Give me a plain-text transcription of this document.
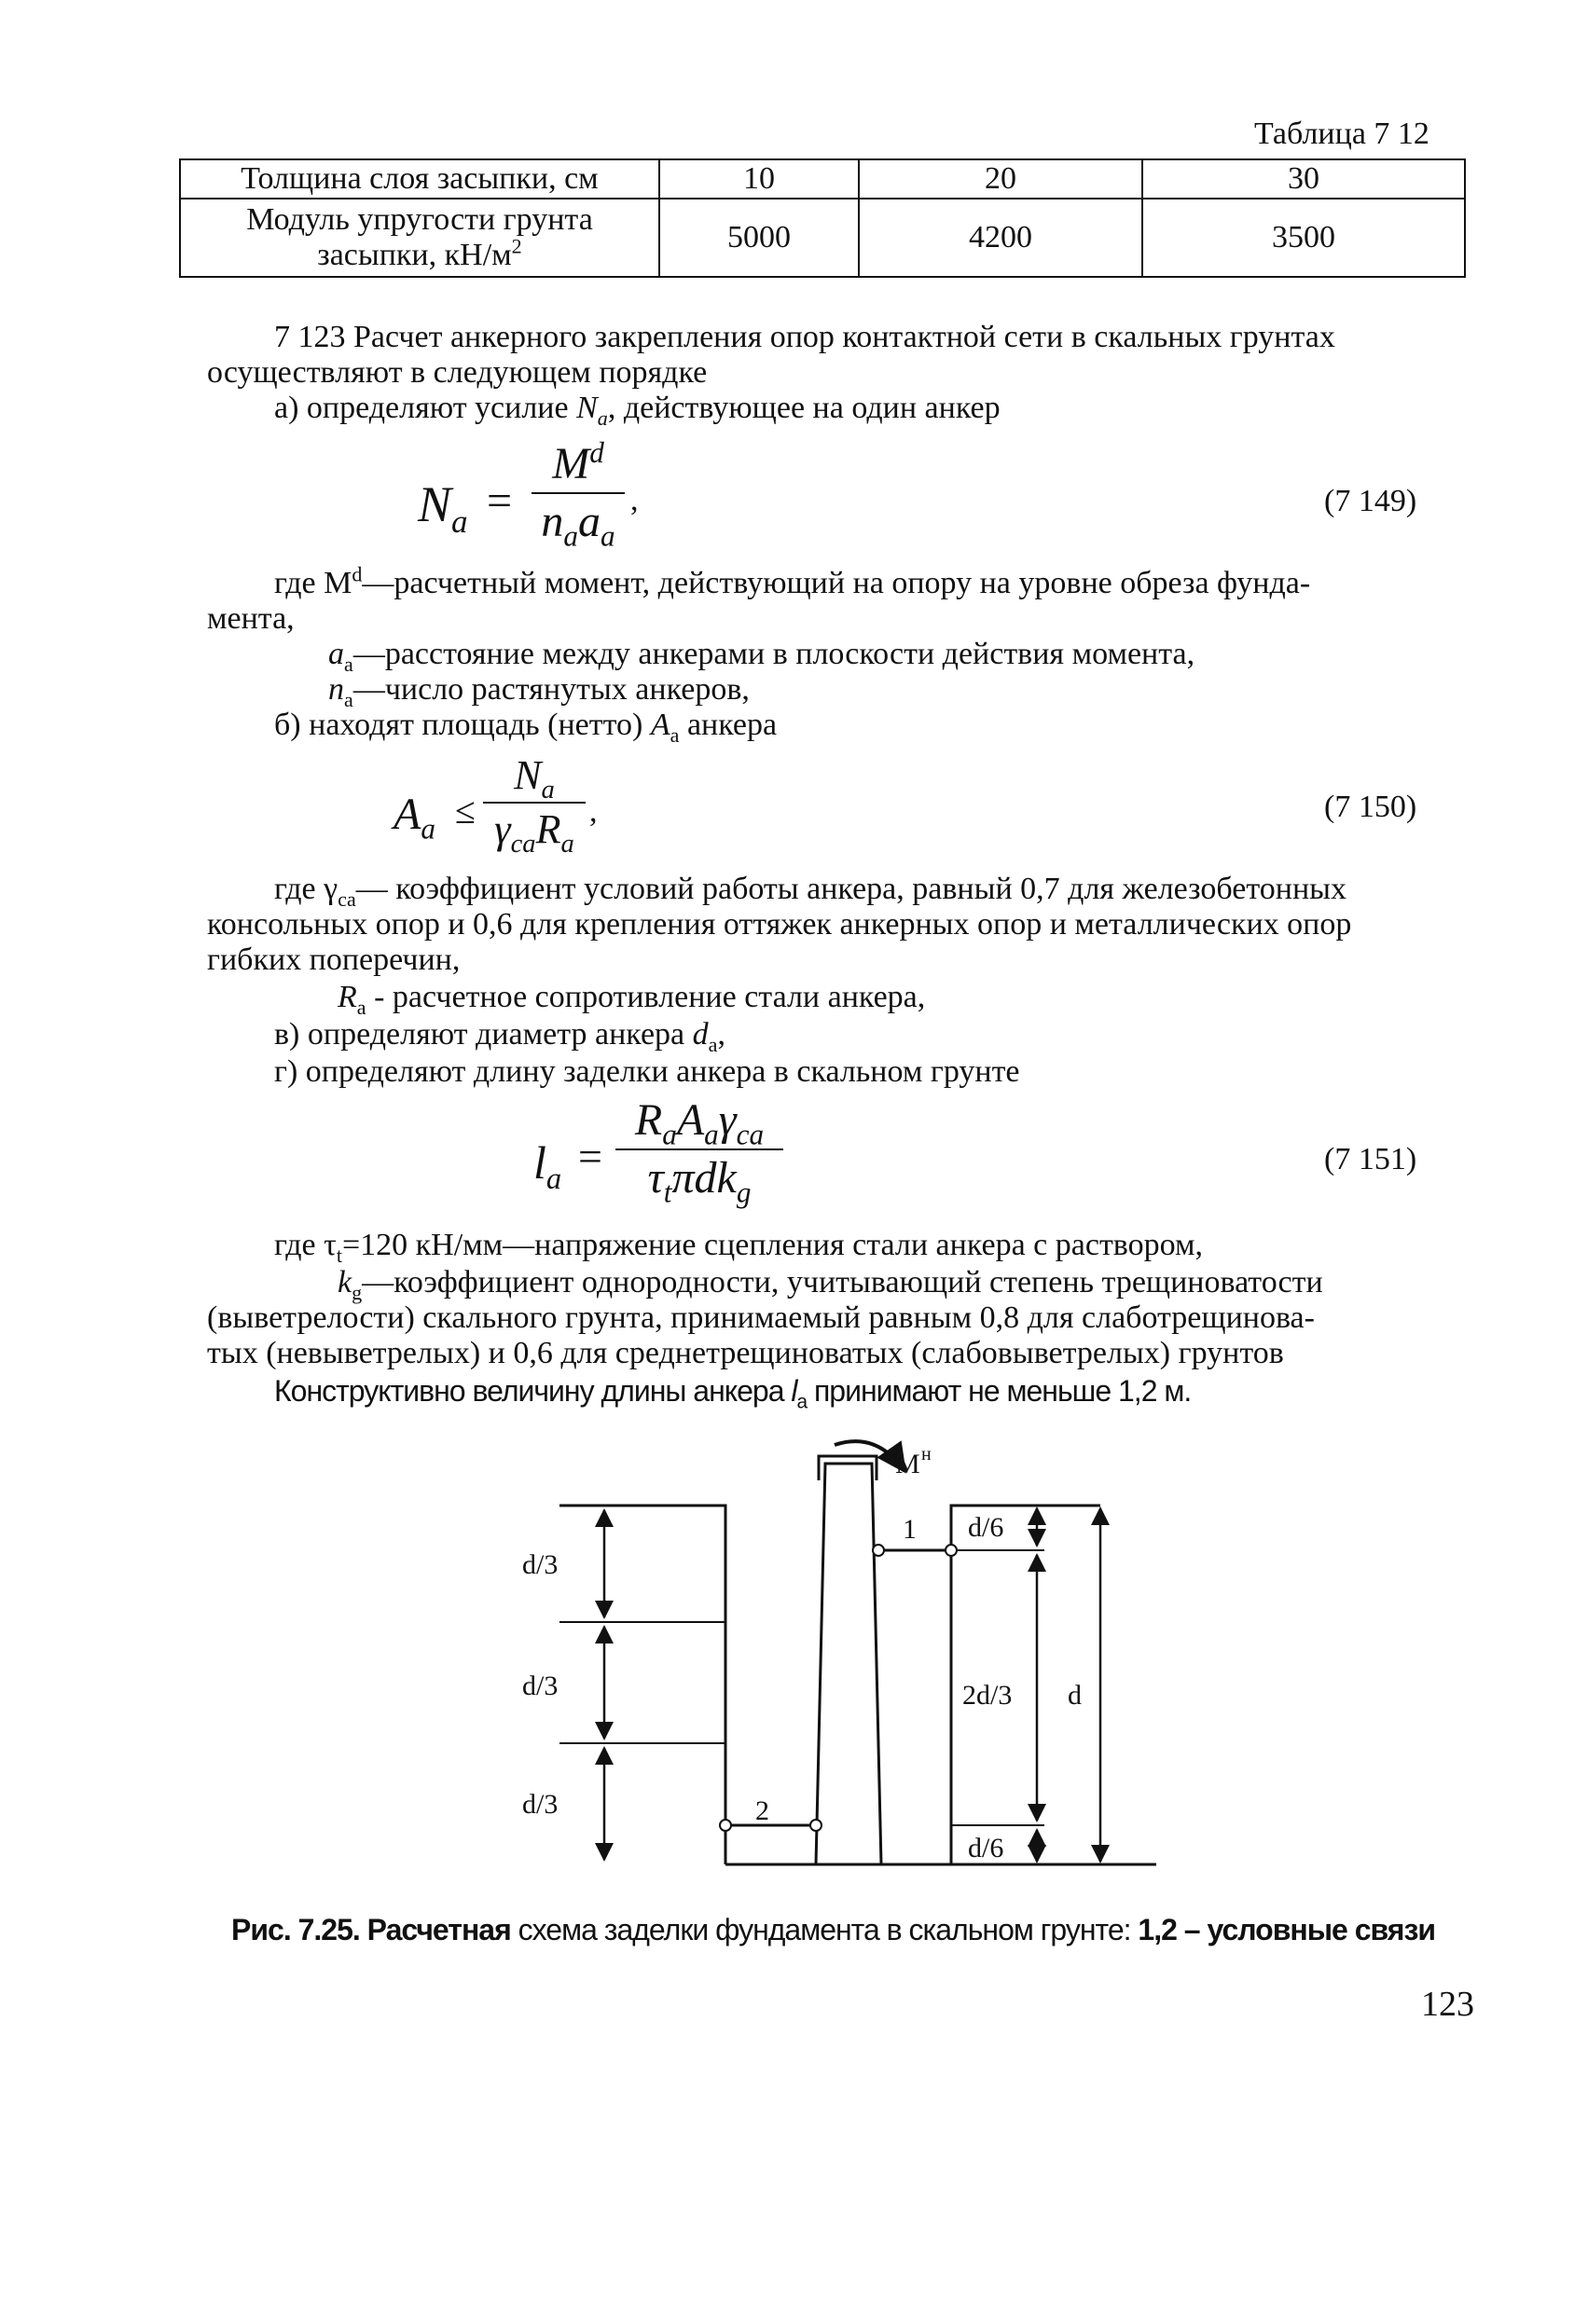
Таблица 7 12
Толщина слоя засыпки, см	10	20	30
Модуль упругости грунта
засыпки, $кН/м^2$	5000	4200	3500
7 123 Расчет анкерного закрепления опор контактной сети в скальных грунтах
осуществляют в следующем порядке
а) определяют усилие $N_a$, действующее на один анкер
$N_a$ =
$M^d$
$n_aa_a$
,	(7 149)
где $M^d—расчетный$ момент, действующий на опору на уровне обреза фунда-
мента,
$a_a—расстояние$ между анкерами в плоскости действия момента,
$n_a—число$ растянутых анкеров,
б) находят площадь (нетто) $A_a$ анкера
$A_a$ ≤
$N_a$
$\gamma_{ca}R_a$
,	(7 150)
где $\gamma_{ca}—$ коэффициент условий работы анкера, равный 0,7 для железобетонных
консольных опор и 0,6 для крепления оттяжек анкерных опор и металлических опор
гибких поперечин,
$R_a$ - расчетное сопротивление стали анкера,
в) определяют диаметр анкера $d_a$,
г) определяют длину заделки анкера в скальном грунте
$l_a$ =
$R_aA_a\gamma_{ca}$
$\tau_t\pi dk_g$
(7 151)
где $\tau_t=120$ кН/мм—напряжение сцепления стали анкера с раствором,
$k_g—коэффициент$ однородности, учитывающий степень трещиноватости
(выветрелости) скального грунта, принимаемый равным 0,8 для слаботрещинова-
тых (невыветрелых) и 0,6 для среднетрещиноватых (слабовыветрелых) грунтов
Конструктивно величину длины анкера $l_a$ принимают не меньше 1,2 м.
M н
d/3
d/3
d/3
d/6
2d/3
d/6
d
1
2
Рис. 7.25. Расчетная схема заделки фундамента в скальном грунте: 1,2 – условные связи
123
